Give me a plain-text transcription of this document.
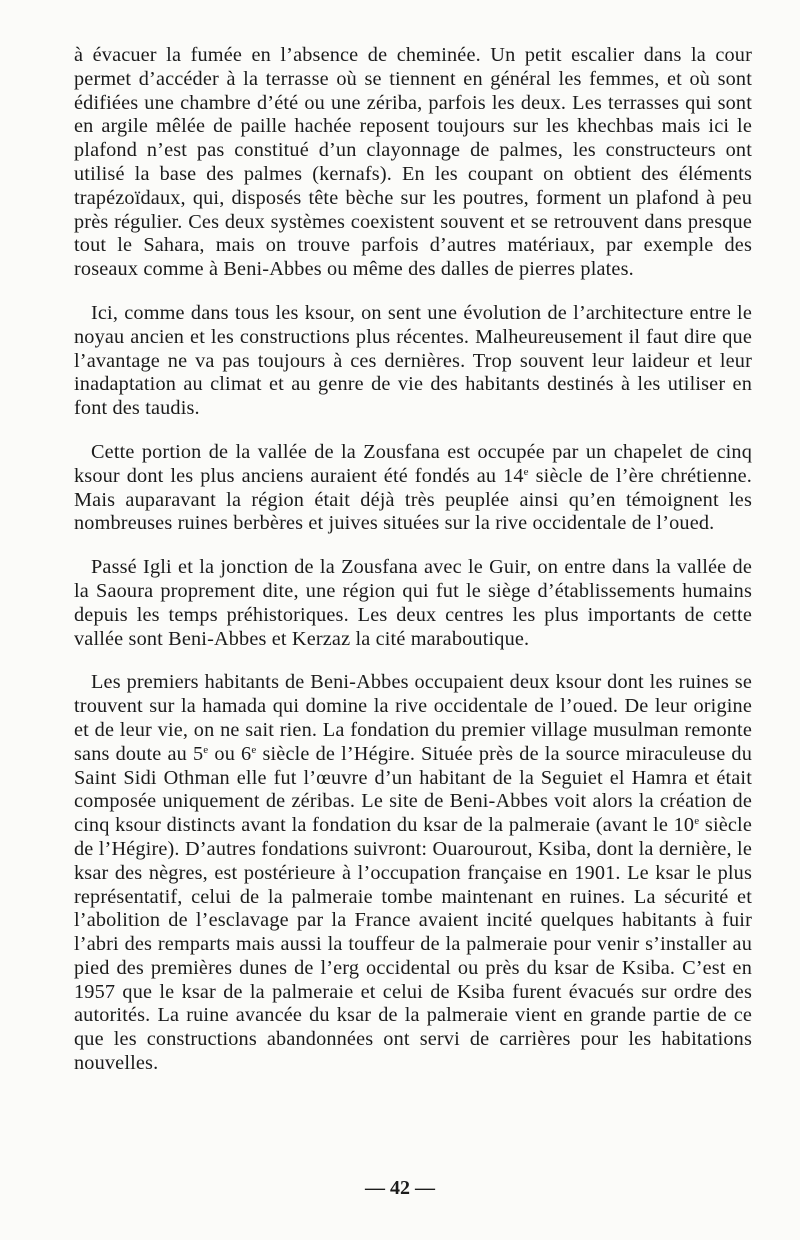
à évacuer la fumée en l’absence de cheminée. Un petit escalier dans la cour permet d’accéder à la terrasse où se tiennent en général les femmes, et où sont édifiées une chambre d’été ou une zériba, parfois les deux. Les terrasses qui sont en argile mêlée de paille hachée reposent toujours sur les khechbas mais ici le plafond n’est pas constitué d’un clayonnage de palmes, les constructeurs ont utilisé la base des palmes (kernafs). En les coupant on obtient des éléments trapézoïdaux, qui, disposés tête bèche sur les poutres, forment un plafond à peu près régulier. Ces deux systèmes coexistent souvent et se retrouvent dans presque tout le Sahara, mais on trouve parfois d’autres matériaux, par exemple des roseaux comme à Beni-Abbes ou même des dalles de pierres plates.

Ici, comme dans tous les ksour, on sent une évolution de l’architecture entre le noyau ancien et les constructions plus récentes. Malheureusement il faut dire que l’avantage ne va pas toujours à ces dernières. Trop souvent leur laideur et leur inadaptation au climat et au genre de vie des habitants destinés à les utiliser en font des taudis.

Cette portion de la vallée de la Zousfana est occupée par un chapelet de cinq ksour dont les plus anciens auraient été fondés au 14e siècle de l’ère chrétienne. Mais auparavant la région était déjà très peuplée ainsi qu’en témoignent les nombreuses ruines berbères et juives situées sur la rive occidentale de l’oued.

Passé Igli et la jonction de la Zousfana avec le Guir, on entre dans la vallée de la Saoura proprement dite, une région qui fut le siège d’établissements humains depuis les temps préhistoriques. Les deux centres les plus importants de cette vallée sont Beni-Abbes et Kerzaz la cité maraboutique.

Les premiers habitants de Beni-Abbes occupaient deux ksour dont les ruines se trouvent sur la hamada qui domine la rive occidentale de l’oued. De leur origine et de leur vie, on ne sait rien. La fondation du premier village musulman remonte sans doute au 5e ou 6e siècle de l’Hégire. Située près de la source miraculeuse du Saint Sidi Othman elle fut l’œuvre d’un habitant de la Seguiet el Hamra et était composée uniquement de zéribas. Le site de Beni-Abbes voit alors la création de cinq ksour distincts avant la fondation du ksar de la palmeraie (avant le 10e siècle de l’Hégire). D’autres fondations suivront: Ouarourout, Ksiba, dont la dernière, le ksar des nègres, est postérieure à l’occupation française en 1901. Le ksar le plus représentatif, celui de la palmeraie tombe maintenant en ruines. La sécurité et l’abolition de l’esclavage par la France avaient incité quelques habitants à fuir l’abri des remparts mais aussi la touffeur de la palmeraie pour venir s’installer au pied des premières dunes de l’erg occidental ou près du ksar de Ksiba. C’est en 1957 que le ksar de la palmeraie et celui de Ksiba furent évacués sur ordre des autorités. La ruine avancée du ksar de la palmeraie vient en grande partie de ce que les constructions abandonnées ont servi de carrières pour les habitations nouvelles.

— 42 —
